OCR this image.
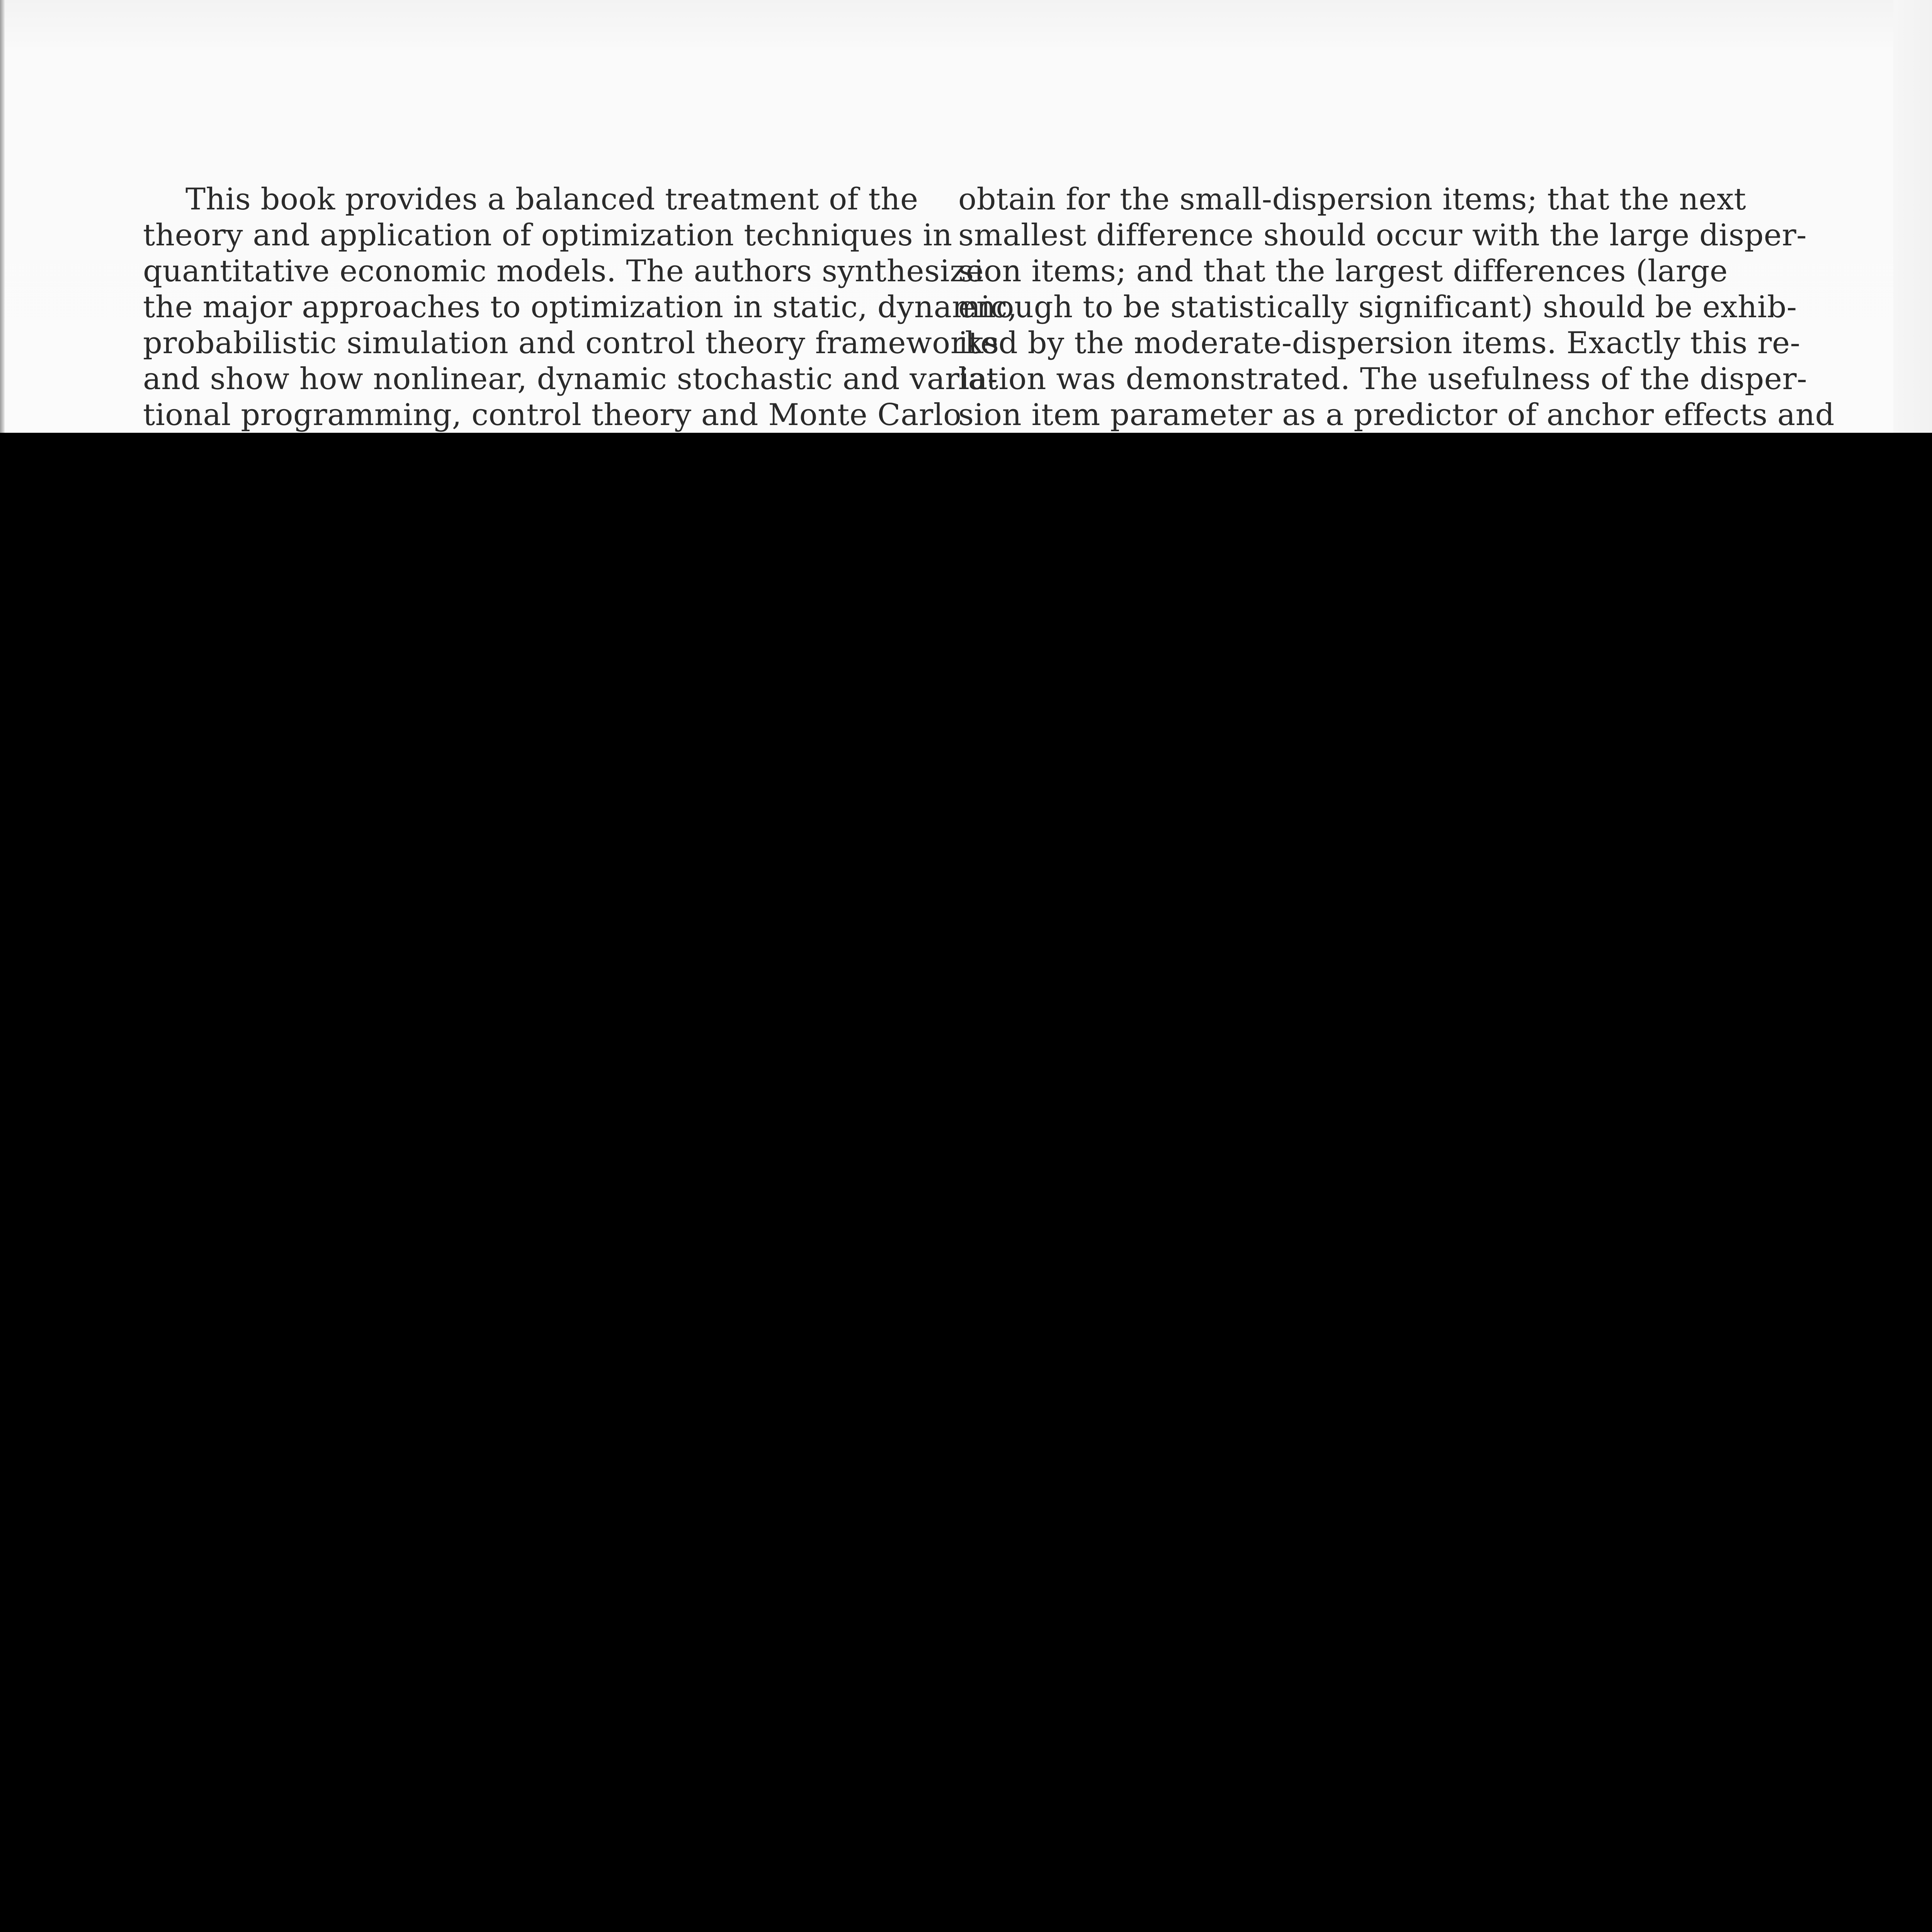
This book provides a balanced treatment of the
theory and application of optimization techniques in
quantitative economic models. The authors synthesize
the major approaches to optimization in static, dynamic,
probabilistic simulation and control theory frameworks
and show how nonlinear, dynamic stochastic and varia-
tional programming, control theory and Monte Carlo
obtain for the small-dispersion items; that the next
smallest difference should occur with the large disper-
sion items; and that the largest differences (large
enough to be statistically significant) should be exhib-
ited by the moderate-dispersion items. Exactly this re-
lation was demonstrated. The usefulness of the disper-
sion item parameter as a predictor of anchor effects and
